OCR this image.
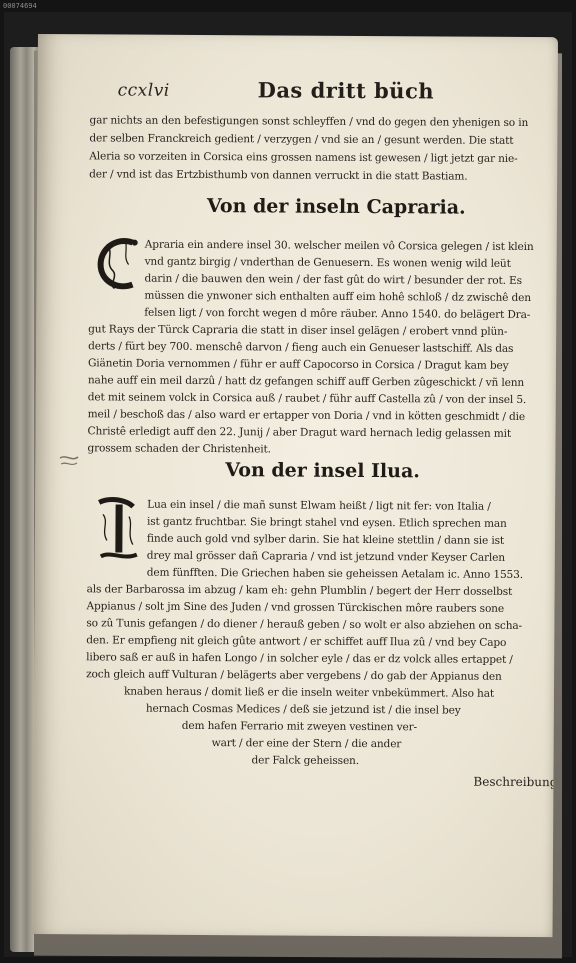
00074694
ccxlvi	Das dritt büch
gar nichts an den befestigungen sonst schleyffen / vnd do gegen den yhenigen so in
der selben Franckreich gedient / verzygen / vnd sie an / gesunt werden. Die statt
Aleria so vorzeiten in Corsica eins grossen namens ist gewesen / ligt jetzt gar nie-
der / vnd ist das Ertzbisthumb von dannen verruckt in die statt Bastiam.
Von der inseln Capraria.
Apraria ein andere insel 30. welscher meilen vô Corsica gelegen / ist klein
vnd gantz birgig / vnderthan de Genuesern. Es wonen wenig wild leüt
darin / die bauwen den wein / der fast gût do wirt / besunder der rot. Es
müssen die ynwoner sich enthalten auff eim hohê schloß / dz zwischê den
felsen ligt / von forcht wegen d môre räuber. Anno 1540. do belägert Dra-
gut Rays der Türck Capraria die statt in diser insel gelägen / erobert vnnd plün-
derts / fürt bey 700. menschê darvon / fieng auch ein Genueser lastschiff. Als das
Giänetin Doria vernommen / führ er auff Capocorso in Corsica / Dragut kam bey
nahe auff ein meil darzû / hatt dz gefangen schiff auff Gerben zûgeschickt / vñ lenn
det mit seinem volck in Corsica auß / raubet / führ auff Castella zû / von der insel 5.
meil / beschoß das / also ward er ertapper von Doria / vnd in kötten geschmidt / die
Christê erledigt auff den 22. Junij / aber Dragut ward hernach ledig gelassen mit
grossem schaden der Christenheit.
Von der insel Ilua.
Lua ein insel / die mañ sunst Elwam heißt / ligt nit fer: von Italia /
ist gantz fruchtbar. Sie bringt stahel vnd eysen. Etlich sprechen man
finde auch gold vnd sylber darin. Sie hat kleine stettlin / dann sie ist
drey mal grösser dañ Capraria / vnd ist jetzund vnder Keyser Carlen
dem fünfften. Die Griechen haben sie geheissen Aetalam ic. Anno 1553.
als der Barbarossa im abzug / kam eh: gehn Plumblin / begert der Herr dosselbst
Appianus / solt jm Sine des Juden / vnd grossen Türckischen môre raubers sone
so zû Tunis gefangen / do diener / herauß geben / so wolt er also abziehen on scha-
den. Er empfieng nit gleich gûte antwort / er schiffet auff Ilua zû / vnd bey Capo
libero saß er auß in hafen Longo / in solcher eyle / das er dz volck alles ertappet /
zoch gleich auff Vulturan / belägerts aber vergebens / do gab der Appianus den
knaben heraus / domit ließ er die inseln weiter vnbekümmert. Also hat
hernach Cosmas Medices / deß sie jetzund ist / die insel bey
dem hafen Ferrario mit zweyen vestinen ver-
wart / der eine der Stern / die ander
der Falck geheissen.
Beschreibung
